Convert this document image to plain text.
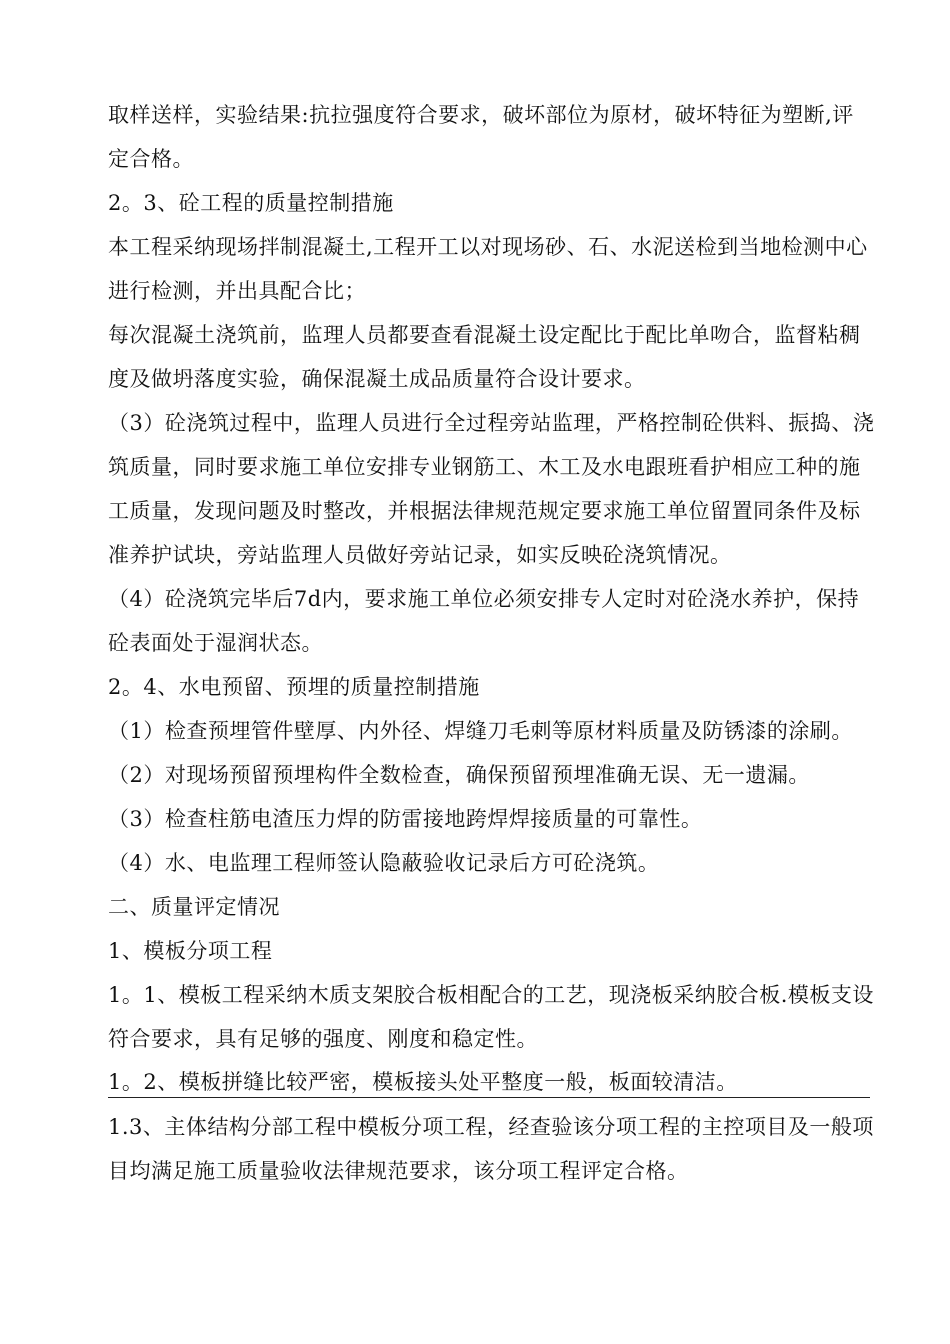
取样送样，实验结果:抗拉强度符合要求，破坏部位为原材，破坏特征为塑断,评
定合格。
2。3、砼工程的质量控制措施
本工程采纳现场拌制混凝土,工程开工以对现场砂、石、水泥送检到当地检测中心
进行检测，并出具配合比；
每次混凝土浇筑前，监理人员都要查看混凝土设定配比于配比单吻合，监督粘稠
度及做坍落度实验，确保混凝土成品质量符合设计要求。
（3）砼浇筑过程中，监理人员进行全过程旁站监理，严格控制砼供料、振捣、浇
筑质量，同时要求施工单位安排专业钢筋工、木工及水电跟班看护相应工种的施
工质量，发现问题及时整改，并根据法律规范规定要求施工单位留置同条件及标
准养护试块，旁站监理人员做好旁站记录，如实反映砼浇筑情况。
（4）砼浇筑完毕后7d内，要求施工单位必须安排专人定时对砼浇水养护，保持
砼表面处于湿润状态。
2。4、水电预留、预埋的质量控制措施
（1）检查预埋管件壁厚、内外径、焊缝刀毛刺等原材料质量及防锈漆的涂刷。
（2）对现场预留预埋构件全数检查，确保预留预埋准确无误、无一遗漏。
（3）检查柱筋电渣压力焊的防雷接地跨焊焊接质量的可靠性。
（4）水、电监理工程师签认隐蔽验收记录后方可砼浇筑。
二、质量评定情况
1、模板分项工程
1。1、模板工程采纳木质支架胶合板相配合的工艺，现浇板采纳胶合板.模板支设
符合要求，具有足够的强度、刚度和稳定性。
1。2、模板拼缝比较严密，模板接头处平整度一般，板面较清洁。
1.3、主体结构分部工程中模板分项工程，经查验该分项工程的主控项目及一般项
目均满足施工质量验收法律规范要求，该分项工程评定合格。
